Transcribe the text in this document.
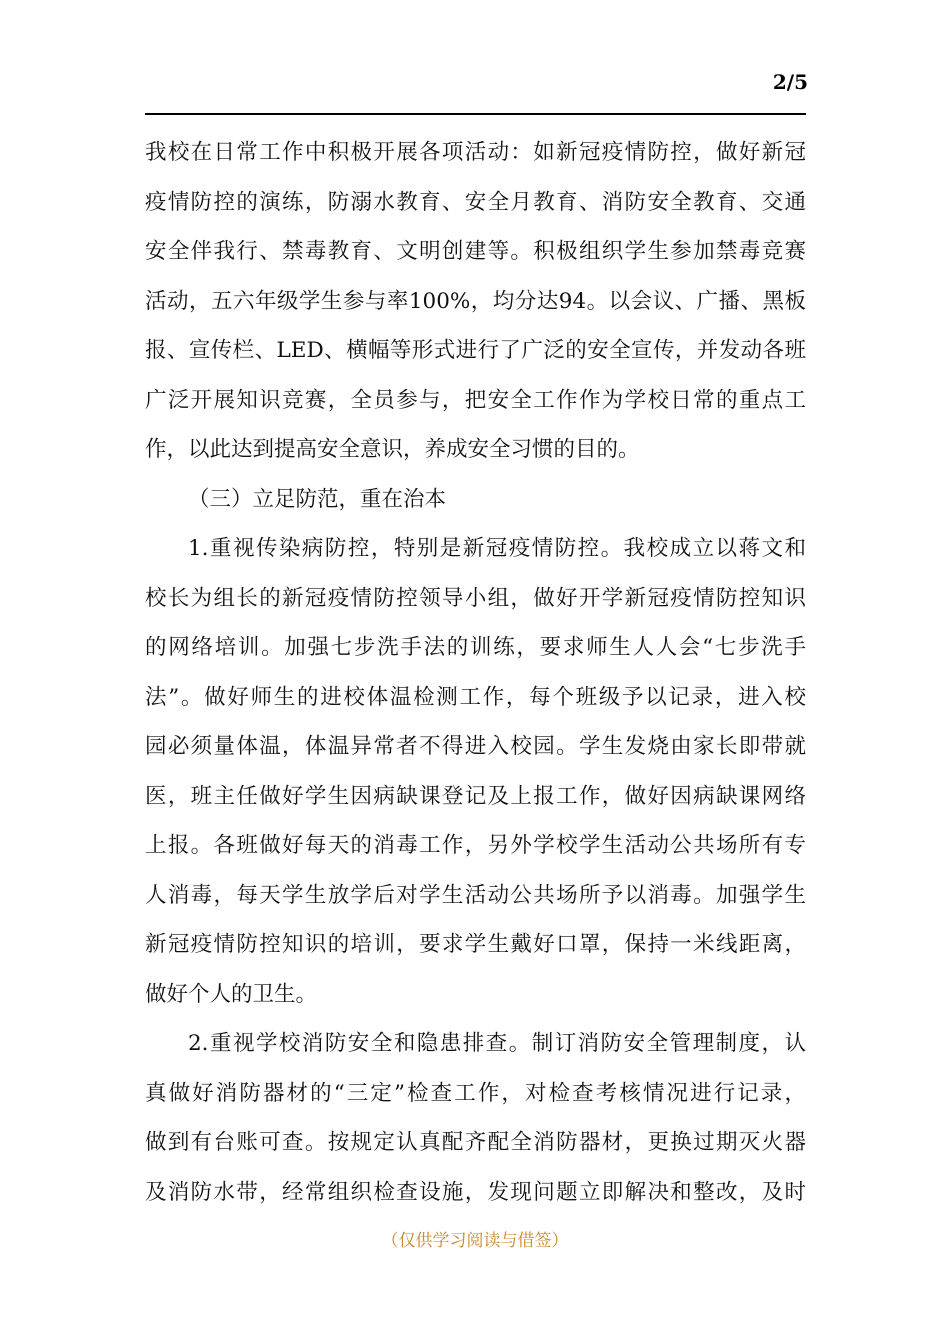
2/5
我校在日常工作中积极开展各项活动：如新冠疫情防控，做好新冠
疫情防控的演练，防溺水教育、安全月教育、消防安全教育、交通
安全伴我行、禁毒教育、文明创建等。积极组织学生参加禁毒竞赛
活动，五六年级学生参与率100%，均分达94。以会议、广播、黑板
报、宣传栏、LED、横幅等形式进行了广泛的安全宣传，并发动各班
广泛开展知识竞赛，全员参与，把安全工作作为学校日常的重点工
作，以此达到提高安全意识，养成安全习惯的目的。
（三）立足防范，重在治本
1.重视传染病防控，特别是新冠疫情防控。我校成立以蒋文和
校长为组长的新冠疫情防控领导小组，做好开学新冠疫情防控知识
的网络培训。加强七步洗手法的训练，要求师生人人会“七步洗手
法”。做好师生的进校体温检测工作，每个班级予以记录，进入校
园必须量体温，体温异常者不得进入校园。学生发烧由家长即带就
医，班主任做好学生因病缺课登记及上报工作，做好因病缺课网络
上报。各班做好每天的消毒工作，另外学校学生活动公共场所有专
人消毒，每天学生放学后对学生活动公共场所予以消毒。加强学生
新冠疫情防控知识的培训，要求学生戴好口罩，保持一米线距离，
做好个人的卫生。
2.重视学校消防安全和隐患排查。制订消防安全管理制度，认
真做好消防器材的“三定”检查工作，对检查考核情况进行记录，
做到有台账可查。按规定认真配齐配全消防器材，更换过期灭火器
及消防水带，经常组织检查设施，发现问题立即解决和整改，及时
（仅供学习阅读与借签）
